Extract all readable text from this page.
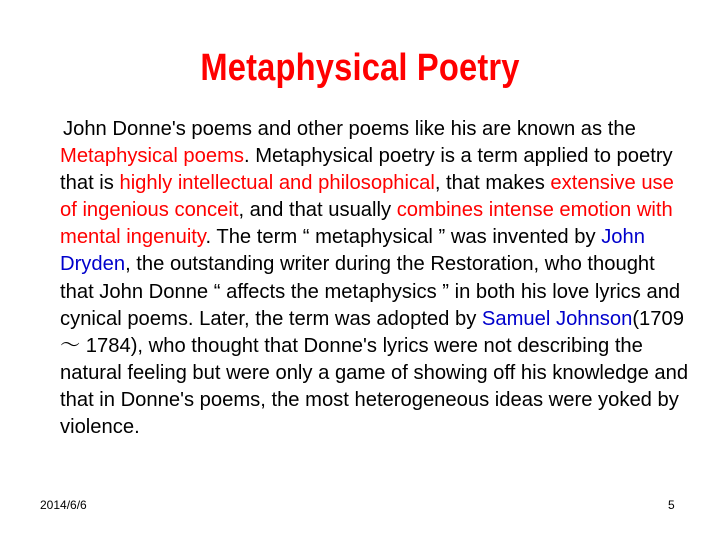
Metaphysical Poetry
John Donne's poems and other poems like his are known as the Metaphysical poems. Metaphysical poetry is a term applied to poetry that is highly intellectual and philosophical, that makes extensive use of ingenious conceit, and that usually combines intense emotion with mental ingenuity. The term “ metaphysical ” was invented by John Dryden, the outstanding writer during the Restoration, who thought that John Donne “ affects the metaphysics ” in both his love lyrics and cynical poems. Later, the term was adopted by Samuel Johnson(1709 ～ 1784), who thought that Donne's lyrics were not describing the natural feeling but were only a game of showing off his knowledge and that in Donne's poems, the most heterogeneous ideas were yoked by violence.
2014/6/6	5
